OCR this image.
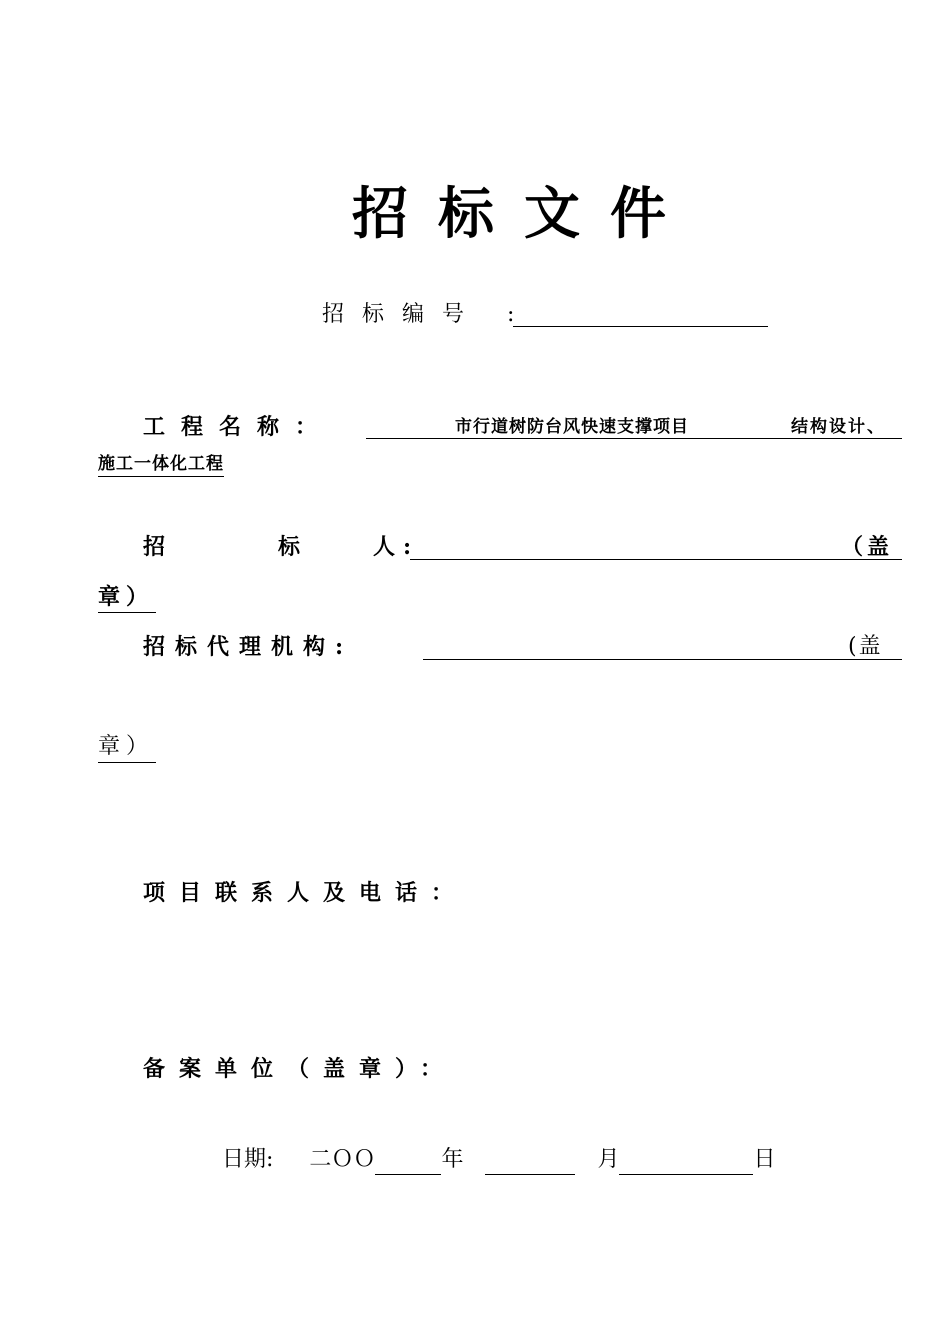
招标文件
招标编号 :
工程名称：	市行道树防台风快速支撑项目	结构设计、
施工一体化工程
招	标	人 :	（盖
章）
招标代理机构:	(盖
章）
项目联系人及电话：
备案单位（盖章）：
日期: 二ＯＯ	年	月	日
